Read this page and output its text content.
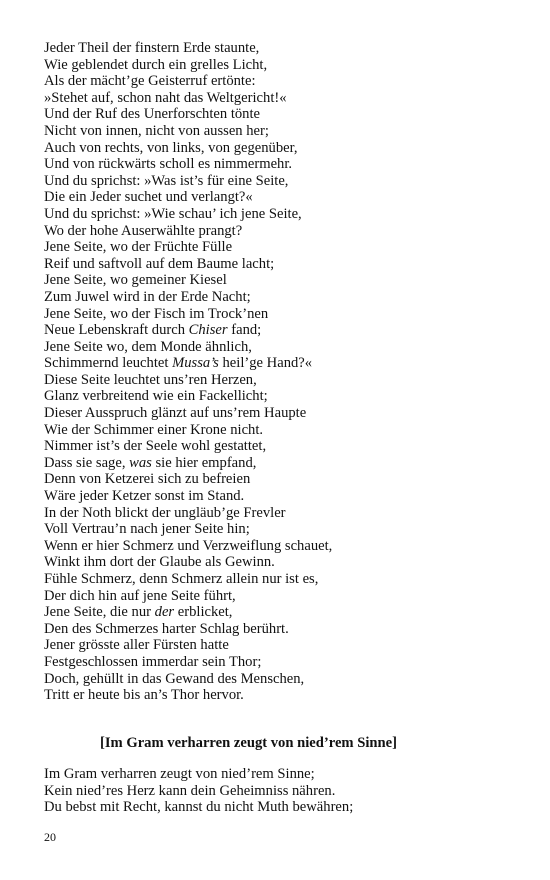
Jeder Theil der finstern Erde staunte,
Wie geblendet durch ein grelles Licht,
Als der mächt’ge Geisterruf ertönte:
»Stehet auf, schon naht das Weltgericht!«
Und der Ruf des Unerforschten tönte
Nicht von innen, nicht von aussen her;
Auch von rechts, von links, von gegenüber,
Und von rückwärts scholl es nimmermehr.
Und du sprichst: »Was ist’s für eine Seite,
Die ein Jeder suchet und verlangt?«
Und du sprichst: »Wie schau’ ich jene Seite,
Wo der hohe Auserwählte prangt?
Jene Seite, wo der Früchte Fülle
Reif und saftvoll auf dem Baume lacht;
Jene Seite, wo gemeiner Kiesel
Zum Juwel wird in der Erde Nacht;
Jene Seite, wo der Fisch im Trock’nen
Neue Lebenskraft durch Chiser fand;
Jene Seite wo, dem Monde ähnlich,
Schimmernd leuchtet Mussa’s heil’ge Hand?«
Diese Seite leuchtet uns’ren Herzen,
Glanz verbreitend wie ein Fackellicht;
Dieser Ausspruch glänzt auf uns’rem Haupte
Wie der Schimmer einer Krone nicht.
Nimmer ist’s der Seele wohl gestattet,
Dass sie sage, was sie hier empfand,
Denn von Ketzerei sich zu befreien
Wäre jeder Ketzer sonst im Stand.
In der Noth blickt der ungläub’ge Frevler
Voll Vertrau’n nach jener Seite hin;
Wenn er hier Schmerz und Verzweiflung schauet,
Winkt ihm dort der Glaube als Gewinn.
Fühle Schmerz, denn Schmerz allein nur ist es,
Der dich hin auf jene Seite führt,
Jene Seite, die nur der erblicket,
Den des Schmerzes harter Schlag berührt.
Jener grösste aller Fürsten hatte
Festgeschlossen immerdar sein Thor;
Doch, gehüllt in das Gewand des Menschen,
Tritt er heute bis an’s Thor hervor.
[Im Gram verharren zeugt von nied’rem Sinne]
Im Gram verharren zeugt von nied’rem Sinne;
Kein nied’res Herz kann dein Geheimniss nähren.
Du bebst mit Recht, kannst du nicht Muth bewähren;
20
